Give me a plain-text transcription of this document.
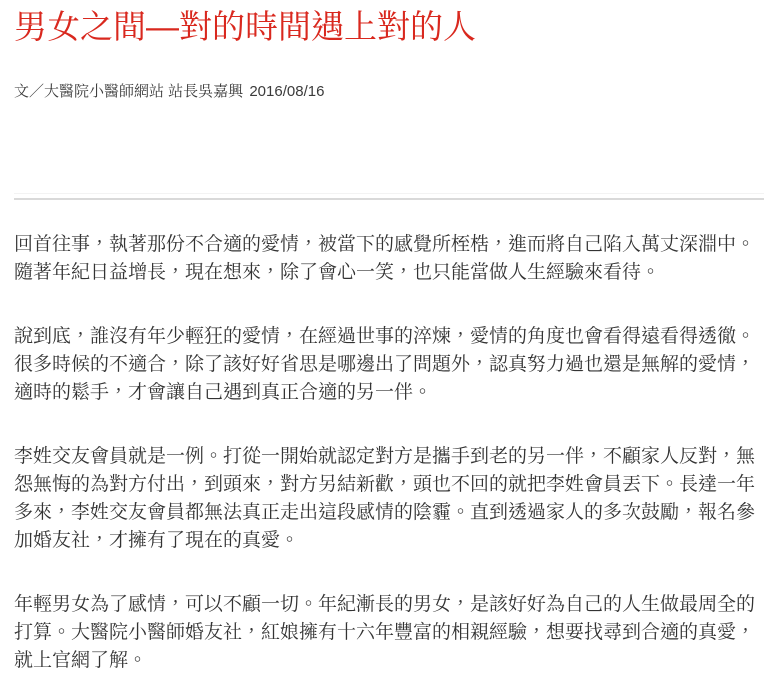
男女之間—對的時間遇上對的人
文／大醫院小醫師網站 站長吳嘉興 2016/08/16

回首往事，執著那份不合適的愛情，被當下的感覺所桎梏，進而將自己陷入萬丈深淵中。隨著年紀日益增長，現在想來，除了會心一笑，也只能當做人生經驗來看待。

說到底，誰沒有年少輕狂的愛情，在經過世事的淬煉，愛情的角度也會看得遠看得透徹。很多時候的不適合，除了該好好省思是哪邊出了問題外，認真努力過也還是無解的愛情，適時的鬆手，才會讓自己遇到真正合適的另一伴。

李姓交友會員就是一例。打從一開始就認定對方是攜手到老的另一伴，不顧家人反對，無怨無悔的為對方付出，到頭來，對方另結新歡，頭也不回的就把李姓會員丟下。長達一年多來，李姓交友會員都無法真正走出這段感情的陰霾。直到透過家人的多次鼓勵，報名參加婚友社，才擁有了現在的真愛。

年輕男女為了感情，可以不顧一切。年紀漸長的男女，是該好好為自己的人生做最周全的打算。大醫院小醫師婚友社，紅娘擁有十六年豐富的相親經驗，想要找尋到合適的真愛，就上官網了解。
